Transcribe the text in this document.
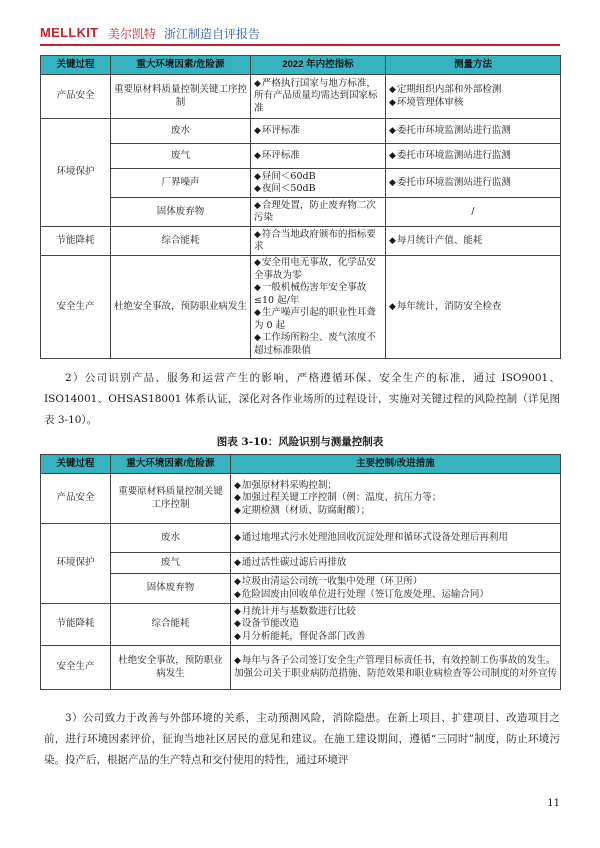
MELLKIT 美尔凯特 浙江制造自评报告
关键过程	重大环境因素/危险源	2022 年内控指标	测量方法
产品安全	重要原材料质量控制关键工序控制	◆ 严格执行国家与地方标准，所有产品质量均需达到国家标准	◆ 定期组织内部和外部检测
◆ 环境管理体审核

环境保护	废水	◆ 环评标准	◆ 委托市环境监测站进行监测

	废气	◆ 环评标准	◆ 委托市环境监测站进行监测

	厂界噪声	◆ 昼间＜60dB
◆ 夜间＜50dB	◆ 委托市环境监测站进行监测

	固体废弃物	◆ 合理处置，防止废弃物二次污染	/
节能降耗	综合能耗	◆ 符合当地政府颁布的指标要求	◆ 每月统计产值、能耗

安全生产	杜绝安全事故，预防职业病发生	◆ 安全用电无事故，化学品安全事故为零
◆ 一般机械伤害年安全事故≤10 起/年
◆ 生产噪声引起的职业性耳聋为 0 起
◆ 工作场所粉尘、废气浓度不超过标准限值	◆ 每年统计，消防安全检查
2）公司识别产品、服务和运营产生的影响，严格遵循环保、安全生产的标准，通过 ISO9001、ISO14001、OHSAS18001 体系认证，深化对各作业场所的过程设计，实施对关键过程的风险控制（详见图表 3-10）。
图表 3-10：风险识别与测量控制表
关键过程	重大环境因素/危险源	主要控制/改进措施
产品安全	重要原材料质量控制关键工序控制	◆ 加强原材料采购控制；
◆ 加强过程关键工序控制（例：温度、抗压力等；
◆ 定期检测（材质、防腐耐酸）；

环境保护	废水	◆ 通过地埋式污水处理池回收沉淀处理和循环式设备处理后再利用

	废气	◆ 通过活性碳过滤后再排放

	固体废弃物	◆ 垃圾由清运公司统一收集中处理（环卫所）
◆ 危险固废由回收单位进行处理（签订危废处理、运输合同）

节能降耗	综合能耗	◆ 月统计并与基数数进行比较
◆ 设备节能改造
◆ 月分析能耗，督促各部门改善

安全生产	杜绝安全事故，预防职业病发生	◆ 每年与各子公司签订安全生产管理目标责任书，有效控制工伤事故的发生。加强公司关于职业病防范措施、防范效果和职业病检查等公司制度的对外宣传
3）公司致力于改善与外部环境的关系，主动预测风险，消除隐患。在新上项目、扩建项目、改造项目之前，进行环境因素评价，征询当地社区居民的意见和建议。在施工建设期间，遵循“三同时”制度，防止环境污染。投产后，根据产品的生产特点和交付使用的特性，通过环境评
11
